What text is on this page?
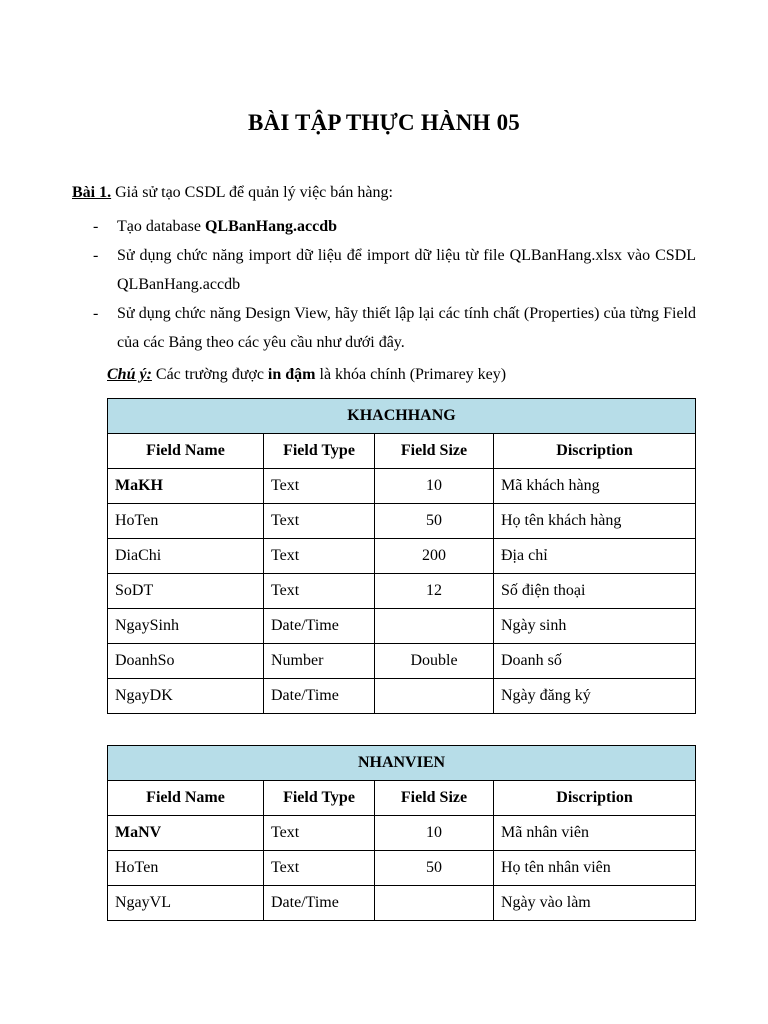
BÀI TẬP THỰC HÀNH 05
Bài 1. Giả sử tạo CSDL để quản lý việc bán hàng:
- Tạo database QLBanHang.accdb
- Sử dụng chức năng import dữ liệu để import dữ liệu từ file QLBanHang.xlsx vào CSDL QLBanHang.accdb
- Sử dụng chức năng Design View, hãy thiết lập lại các tính chất (Properties) của từng Field của các Bảng theo các yêu cầu như dưới đây.
Chú ý: Các trường được in đậm là khóa chính (Primarey key)
KHACHHANG			
Field Name	Field Type	Field Size	Discription
MaKH	Text	10	Mã khách hàng
HoTen	Text	50	Họ tên khách hàng
DiaChi	Text	200	Địa chỉ
SoDT	Text	12	Số điện thoại
NgaySinh	Date/Time		Ngày sinh
DoanhSo	Number	Double	Doanh số
NgayDK	Date/Time		Ngày đăng ký
NHANVIEN			
Field Name	Field Type	Field Size	Discription
MaNV	Text	10	Mã nhân viên
HoTen	Text	50	Họ tên nhân viên
NgayVL	Date/Time		Ngày vào làm
